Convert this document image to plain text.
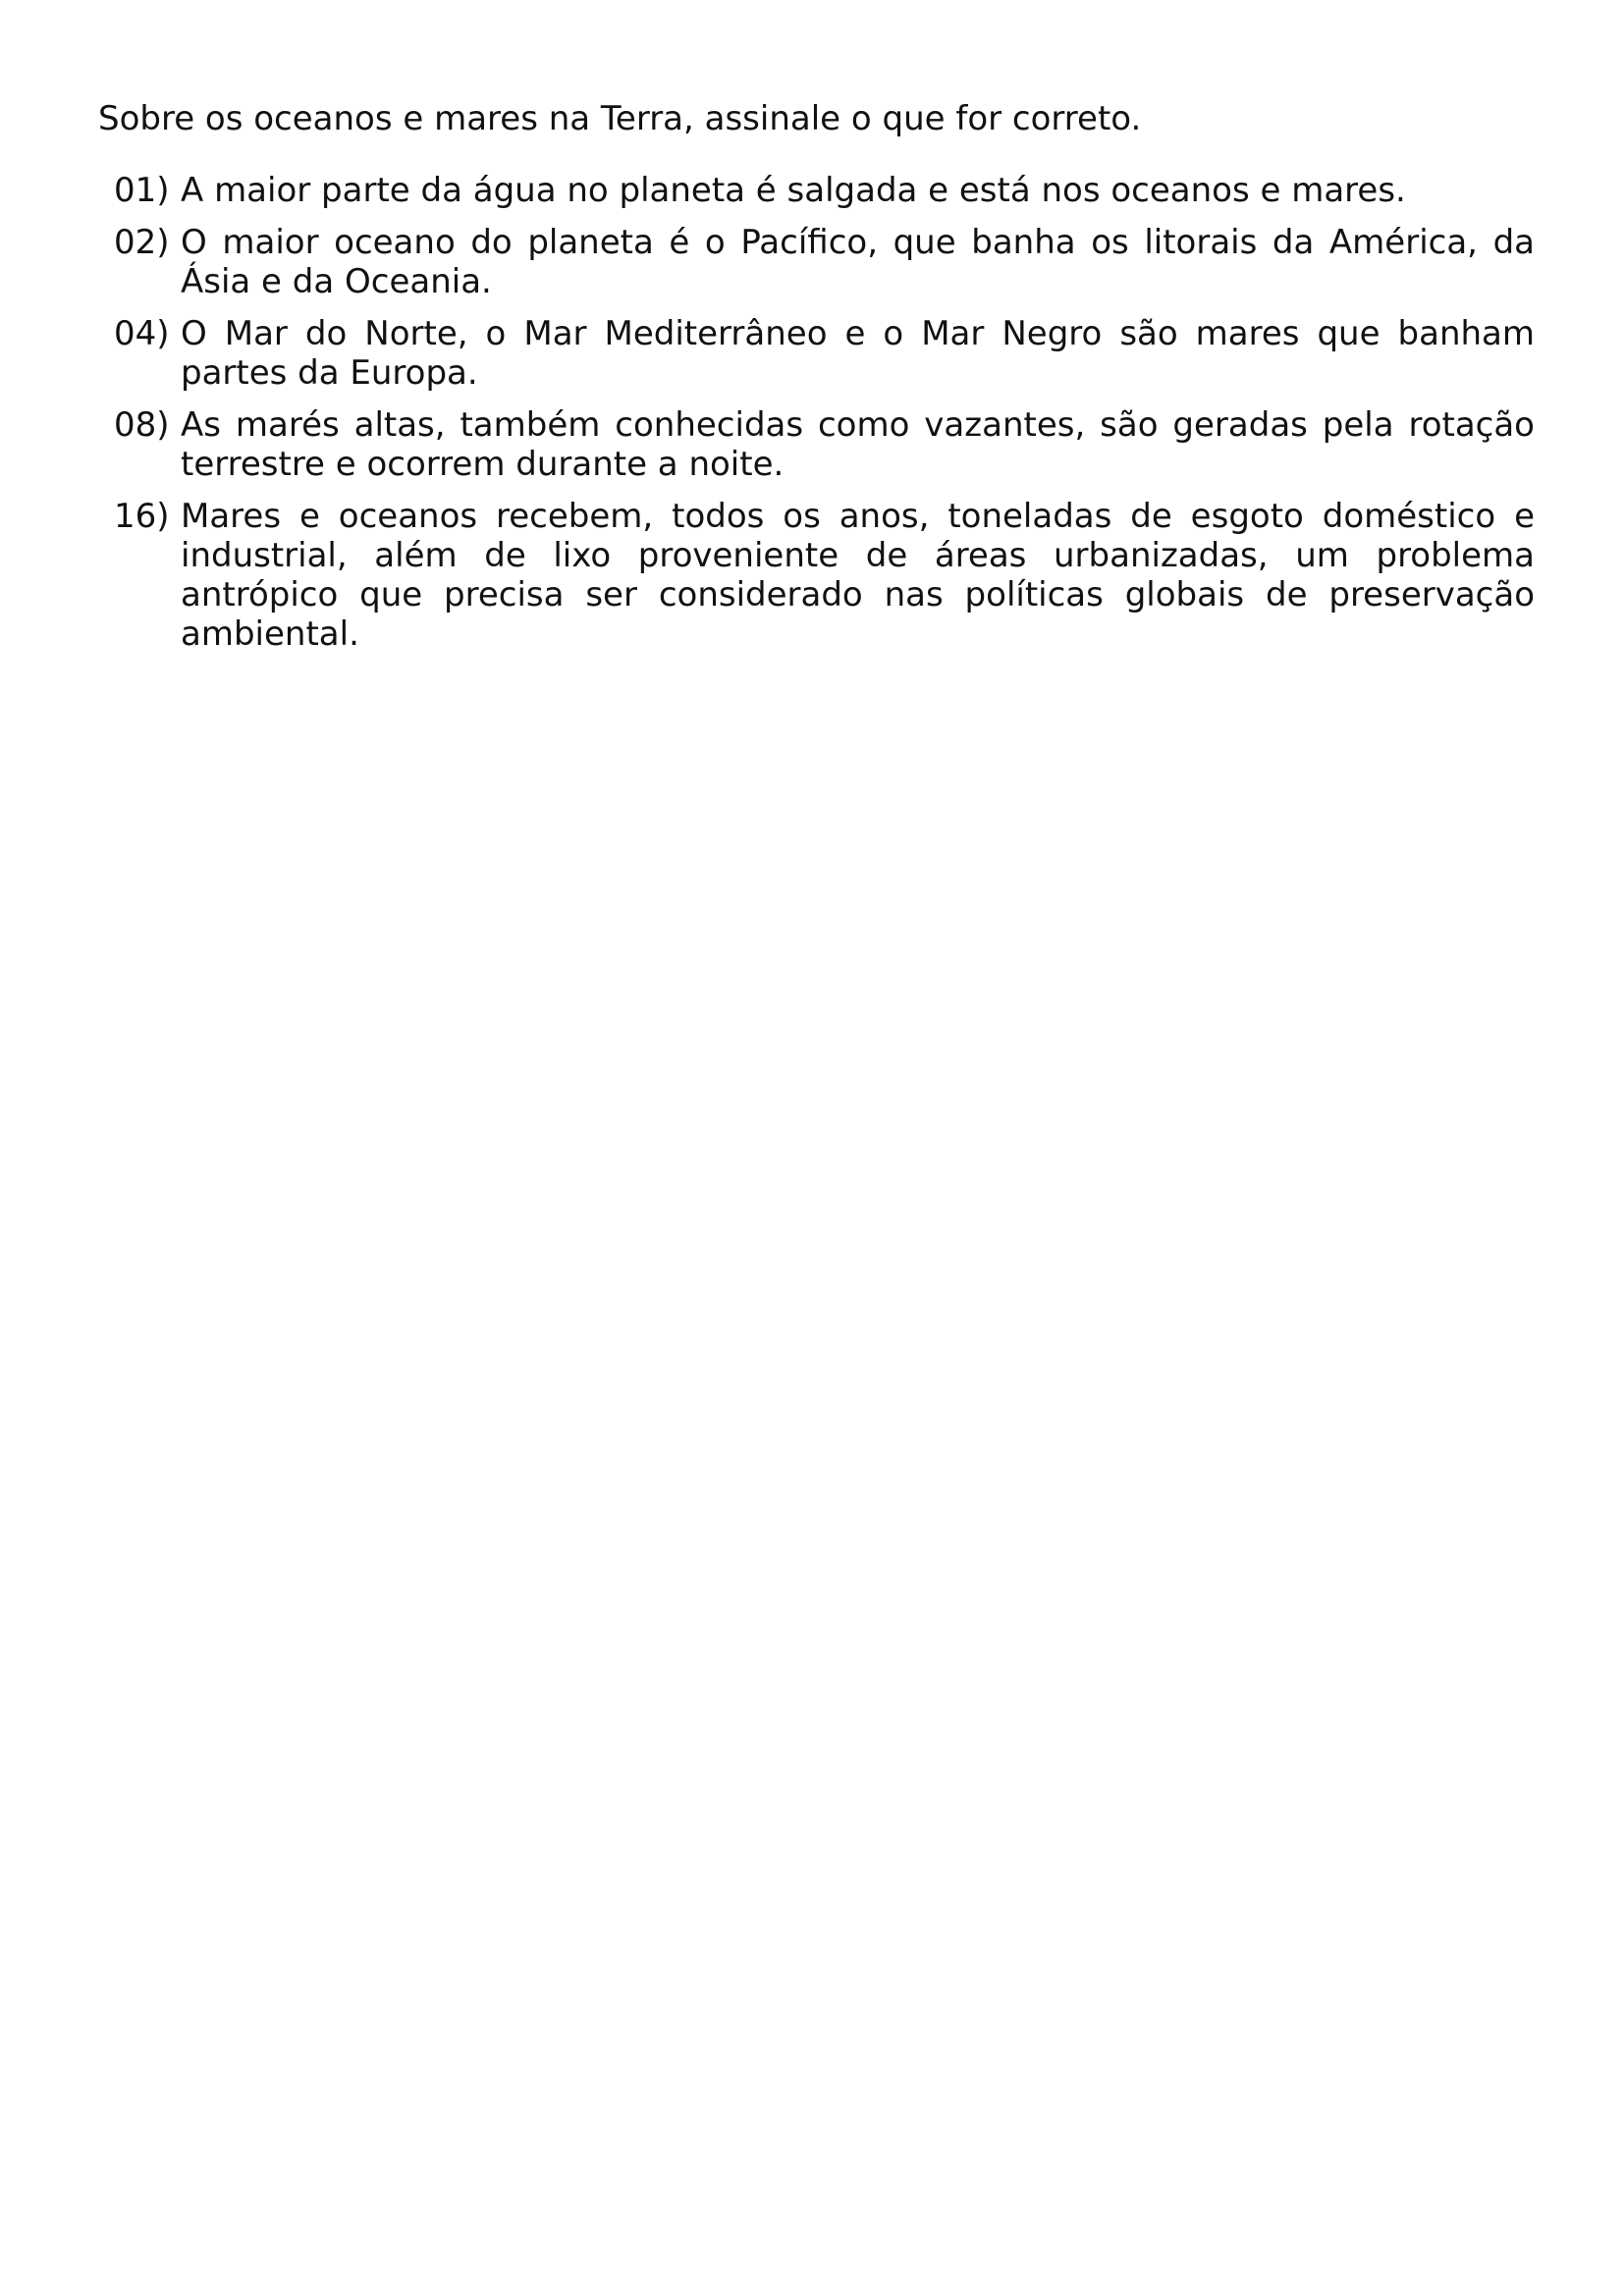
Sobre os oceanos e mares na Terra, assinale o que for correto.

01) A maior parte da água no planeta é salgada e está nos oceanos e mares.
02) O maior oceano do planeta é o Pacífico, que banha os litorais da América, da Ásia e da Oceania.
04) O Mar do Norte, o Mar Mediterrâneo e o Mar Negro são mares que banham partes da Europa.
08) As marés altas, também conhecidas como vazantes, são geradas pela rotação terrestre e ocorrem durante a noite.
16) Mares e oceanos recebem, todos os anos, toneladas de esgoto doméstico e industrial, além de lixo proveniente de áreas urbanizadas, um problema antrópico que precisa ser considerado nas políticas globais de preservação ambiental.
